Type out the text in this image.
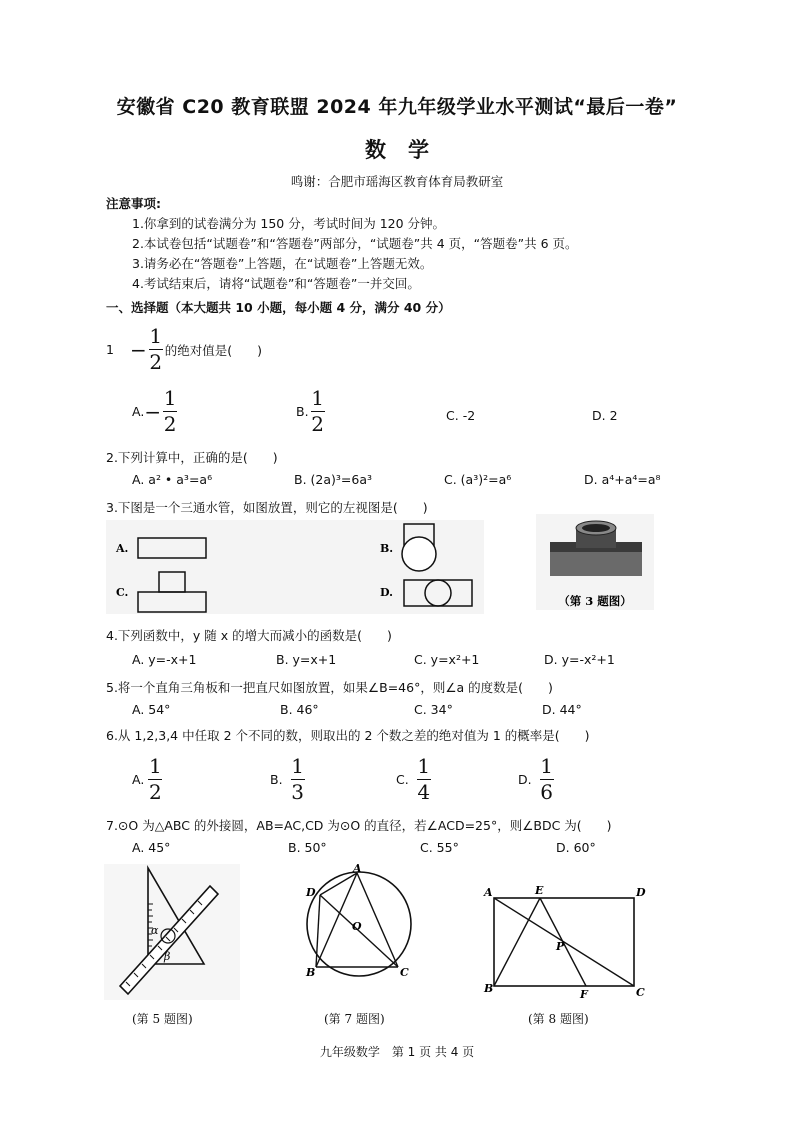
安徽省 C20 教育联盟 2024 年九年级学业水平测试“最后一卷”
数学
鸣谢：合肥市瑶海区教育体育局教研室
注意事项:
1.你拿到的试卷满分为 150 分，考试时间为 120 分钟。
2.本试卷包括“试题卷”和“答题卷”两部分，“试题卷”共 4 页，“答题卷”共 6 页。
3.请务必在“答题卷”上答题，在“试题卷”上答题无效。
4.考试结束后，请将“试题卷”和“答题卷”一并交回。
一、选择题（本大题共 10 小题，每小题 4 分，满分 40 分）
$1 - \frac{1}{2}$ 的绝对值是(　　)
A. − $\frac{1}{2}$	B. $\frac{1}{2}$	C. -2	D. 2
2.下列计算中，正确的是(　　)
A. a² • a³=a⁶	B. (2a)³=6a³	C. (a³)²=a⁶	D. a⁴+a⁴=a⁸
3.下图是一个三通水管，如图放置，则它的左视图是(　　)
A.	B.
C.	D.
（第 3 题图）
4.下列函数中，y 随 x 的增大而减小的函数是(　　)
A. y=-x+1	B. y=x+1	C. y=x²+1	D. y=-x²+1
5.将一个直角三角板和一把直尺如图放置，如果∠B=46°，则∠a 的度数是(　　)
A. 54°	B. 46°	C. 34°	D. 44°
6.从 1,2,3,4 中任取 2 个不同的数，则取出的 2 个数之差的绝对值为 1 的概率是(　　)
A. $\frac{1}{2}$	B. $\frac{1}{3}$	C. $\frac{1}{4}$	D. $\frac{1}{6}$
7.⊙O 为△ABC 的外接圆，AB=AC,CD 为⊙O 的直径，若∠ACD=25°，则∠BDC 为(　　)
A. 45°	B. 50°	C. 55°	D. 60°
α
β
A
B	C
D
O
A
B	C
D
E
F
P
(第 5 题图)	(第 7 题图)	(第 8 题图)
九年级数学　第 1 页 共 4 页
